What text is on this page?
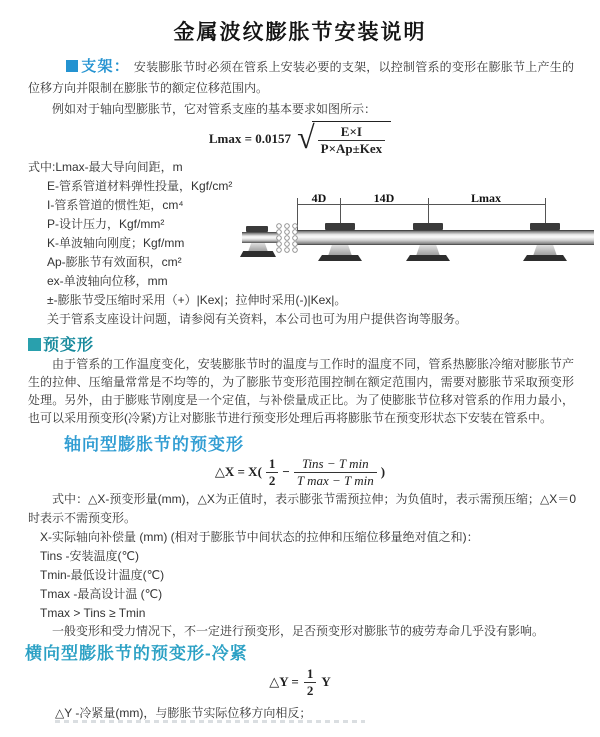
金属波纹膨胀节安装说明

支架： 安装膨胀节时必须在管系上安装必要的支架，以控制管系的变形在膨胀节上产生的位移方向并限制在膨胀节的额定位移范围内。

例如对于轴向型膨胀节，它对管系支座的基本要求如图所示：

Lmax = 0.0157 √	E×I
P×Ap±Kex
式中:Lmax-最大导向间距，m
E-管系管道材料弹性投量，Kgf/cm²
I-管系管道的惯性矩，cm⁴
P-设计压力，Kgf/mm²
K-单波轴向刚度；Kgf/mm
Ap-膨胀节有效面积，cm²
ex-单波轴向位移，mm
±-膨胀节受压缩时采用（+）|Kex|；拉伸时采用(-)|Kex|。
关于管系支座设计问题，请参阅有关资料，本公司也可为用户提供咨询等服务。
4D	14D	Lmax
预变形

由于管系的工作温度变化，安装膨胀节时的温度与工作时的温度不同，管系热膨胀冷缩对膨胀节产生的拉伸、压缩量常常是不均等的，为了膨胀节变形范围控制在额定范围内，需要对膨胀节采取预变形处理。另外，由于膨账节刚度是一个定值，与补偿量成正比。为了使膨胀节位移对管系的作用力最小，也可以采用预变形(冷紧)方让对膨胀节进行预变形处理后再将膨胀节在预变形状态下安装在管系中。

轴向型膨胀节的预变形
△X = $X( \frac{1}{2}$ −
Tins − T min
T max − T min
)

式中：△X-预变形量(mm)，△X为正值时，表示膨张节需预拉伸；为负值时，表示需预压缩；△X＝0时表示不需预变形。

X-实际轴向补偿量 (mm) (相对于膨胀节中间状态的拉伸和压缩位移量绝对值之和)：
Tins -安装温度(℃)
Tmin-最低设计温度(℃)
Tmax -最高设计温 (℃)
Tmax > Tins ≥ Tmin
一般变形和受力情况下，不一定进行预变形，足否预变形对膨胀节的疲劳寿命几乎没有影响。
横向型膨胀节的预变形-冷紧
△Y = $\frac{1}{2}$ Y
△Y -冷紧量(mm)，与膨胀节实际位移方向相反；
